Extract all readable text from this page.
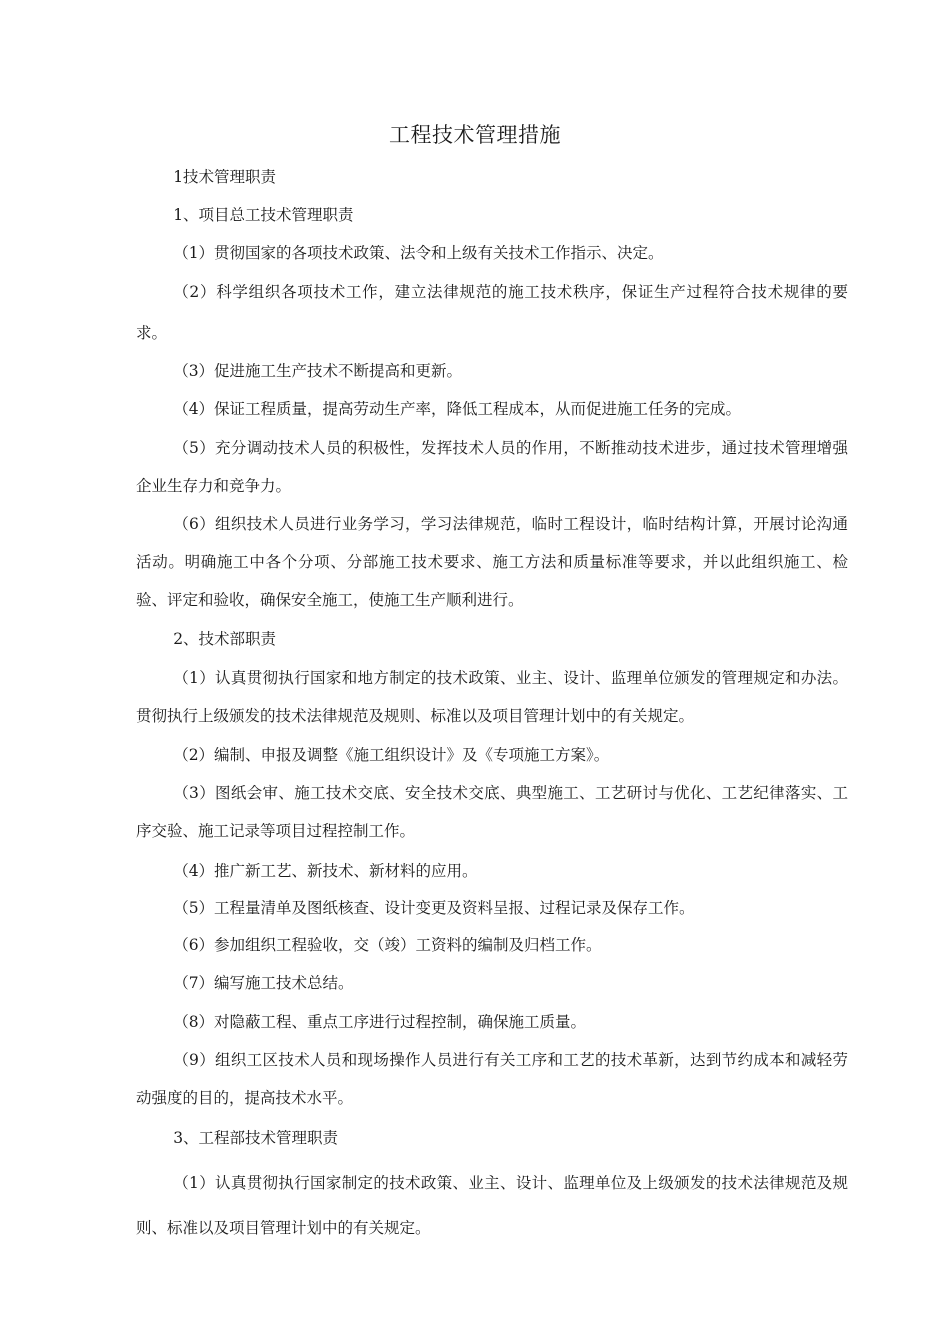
工程技术管理措施

1技术管理职责

1、项目总工技术管理职责

（1）贯彻国家的各项技术政策、法令和上级有关技术工作指示、决定。

（2）科学组织各项技术工作，建立法律规范的施工技术秩序，保证生产过程符合技术规律的要求。

（3）促进施工生产技术不断提高和更新。

（4）保证工程质量，提高劳动生产率，降低工程成本，从而促进施工任务的完成。

（5）充分调动技术人员的积极性，发挥技术人员的作用，不断推动技术进步，通过技术管理增强企业生存力和竞争力。

（6）组织技术人员进行业务学习，学习法律规范，临时工程设计，临时结构计算，开展讨论沟通活动。明确施工中各个分项、分部施工技术要求、施工方法和质量标准等要求，并以此组织施工、检验、评定和验收，确保安全施工，使施工生产顺利进行。

2、技术部职责

（1）认真贯彻执行国家和地方制定的技术政策、业主、设计、监理单位颁发的管理规定和办法。贯彻执行上级颁发的技术法律规范及规则、标准以及项目管理计划中的有关规定。

（2）编制、申报及调整《施工组织设计》及《专项施工方案》。

（3）图纸会审、施工技术交底、安全技术交底、典型施工、工艺研讨与优化、工艺纪律落实、工序交验、施工记录等项目过程控制工作。

（4）推广新工艺、新技术、新材料的应用。

（5）工程量清单及图纸核查、设计变更及资料呈报、过程记录及保存工作。

（6）参加组织工程验收，交（竣）工资料的编制及归档工作。

（7）编写施工技术总结。

（8）对隐蔽工程、重点工序进行过程控制，确保施工质量。

（9）组织工区技术人员和现场操作人员进行有关工序和工艺的技术革新，达到节约成本和减轻劳动强度的目的，提高技术水平。

3、工程部技术管理职责

（1）认真贯彻执行国家制定的技术政策、业主、设计、监理单位及上级颁发的技术法律规范及规则、标准以及项目管理计划中的有关规定。
